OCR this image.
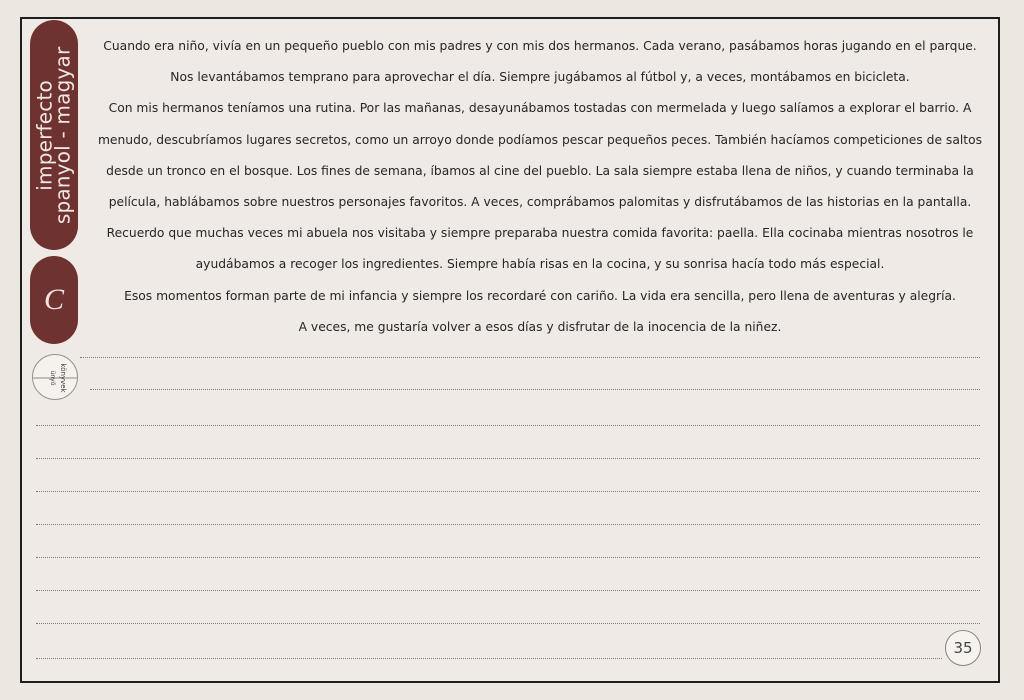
imperfecto
spanyol - magyar
C
könyvek
ünyö

Cuando era niño, vivía en un pequeño pueblo con mis padres y con mis dos hermanos. Cada verano, pasábamos horas jugando en el parque. Nos levantábamos temprano para aprovechar el día. Siempre jugábamos al fútbol y, a veces, montábamos en bicicleta.

Con mis hermanos teníamos una rutina. Por las mañanas, desayunábamos tostadas con mermelada y luego salíamos a explorar el barrio. A menudo, descubríamos lugares secretos, como un arroyo donde podíamos pescar pequeños peces. También hacíamos competiciones de saltos desde un tronco en el bosque. Los fines de semana, íbamos al cine del pueblo. La sala siempre estaba llena de niños, y cuando terminaba la película, hablábamos sobre nuestros personajes favoritos. A veces, comprábamos palomitas y disfrutábamos de las historias en la pantalla.

Recuerdo que muchas veces mi abuela nos visitaba y siempre preparaba nuestra comida favorita: paella. Ella cocinaba mientras nosotros le ayudábamos a recoger los ingredientes. Siempre había risas en la cocina, y su sonrisa hacía todo más especial.

Esos momentos forman parte de mi infancia y siempre los recordaré con cariño. La vida era sencilla, pero llena de aventuras y alegría.

A veces, me gustaría volver a esos días y disfrutar de la inocencia de la niñez.

35
